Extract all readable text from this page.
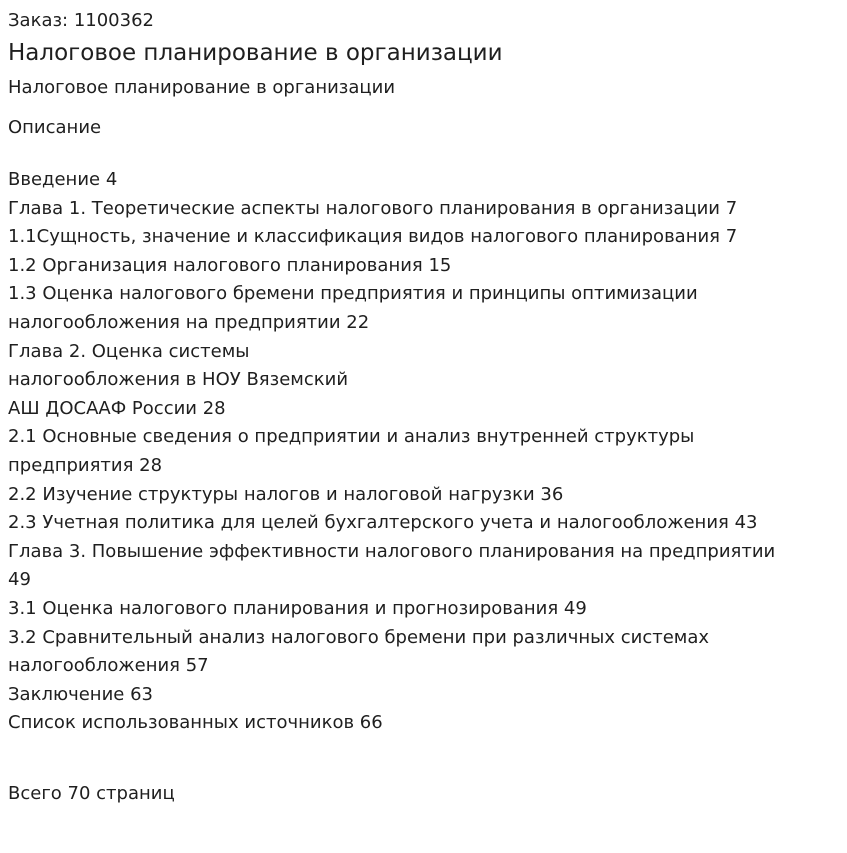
Заказ: 1100362
Налоговое планирование в организации
Налоговое планирование в организации
Описание
Введение 4
Глава 1. Теоретические аспекты налогового планирования в организации 7
1.1Сущность, значение и классификация видов налогового планирования 7
1.2 Организация налогового планирования 15
1.3 Оценка налогового бремени предприятия и принципы оптимизации
налогообложения на предприятии 22
Глава 2. Оценка системы
налогообложения в НОУ Вяземский
АШ ДОСААФ России 28
2.1 Основные сведения о предприятии и анализ внутренней структуры
предприятия 28
2.2 Изучение структуры налогов и налоговой нагрузки 36
2.3 Учетная политика для целей бухгалтерского учета и налогообложения 43
Глава 3. Повышение эффективности налогового планирования на предприятии
49
3.1 Оценка налогового планирования и прогнозирования 49
3.2 Сравнительный анализ налогового бремени при различных системах
налогообложения 57
Заключение 63
Список использованных источников 66
Всего 70 страниц
